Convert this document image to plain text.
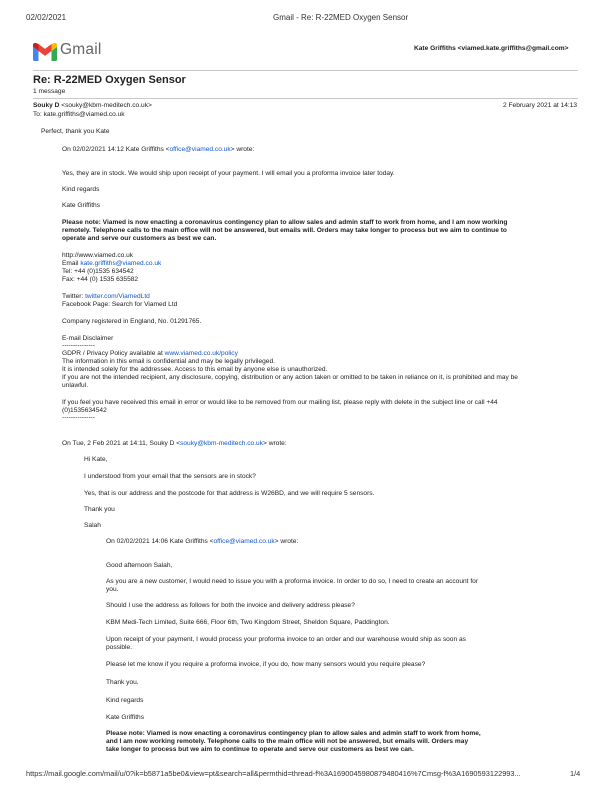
02/02/2021	Gmail - Re: R-22MED Oxygen Sensor
Gmail	Kate Griffiths <viamed.kate.griffiths@gmail.com>
Re: R-22MED Oxygen Sensor
1 message
Souky D <souky@kbm-meditech.co.uk>	2 February 2021 at 14:13
To: kate.griffiths@viamed.co.uk
Perfect, thank you Kate
On 02/02/2021 14:12 Kate Griffiths <office@viamed.co.uk> wrote:
Yes, they are in stock. We would ship upon receipt of your payment. I will email you a proforma invoice later today.
Kind regards
Kate Griffiths
Please note: Viamed is now enacting a coronavirus contingency plan to allow sales and admin staff to work from home, and I am now working
remotely. Telephone calls to the main office will not be answered, but emails will. Orders may take longer to process but we aim to continue to
operate and serve our customers as best we can.
http://www.viamed.co.uk
Email kate.griffiths@viamed.co.uk
Tel: +44 (0)1535 634542
Fax: +44 (0) 1535 635582
Twitter: twitter.com/ViamedLtd
Facebook Page: Search for Viamed Ltd
Company registered in England, No. 01291765.
E-mail Disclaimer
---------------
GDPR / Privacy Policy available at www.viamed.co.uk/policy
The information in this email is confidential and may be legally privileged.
It is intended solely for the addressee. Access to this email by anyone else is unauthorized.
If you are not the intended recipient, any disclosure, copying, distribution or any action taken or omitted to be taken in reliance on it, is prohibited and may be
unlawful.
If you feel you have received this email in error or would like to be removed from our mailing list, please reply with delete in the subject line or call +44
(0)1535634542
---------------
On Tue, 2 Feb 2021 at 14:11, Souky D <souky@kbm-meditech.co.uk> wrote:
Hi Kate,
I understood from your email that the sensors are in stock?
Yes, that is our address and the postcode for that address is W26BD, and we will require 5 sensors.
Thank you
Salah
On 02/02/2021 14:06 Kate Griffiths <office@viamed.co.uk> wrote:
Good afternoon Salah,
As you are a new customer, I would need to issue you with a proforma invoice. In order to do so, I need to create an account for
you.
Should I use the address as follows for both the invoice and delivery address please?
KBM Medi-Tech Limited, Suite 666, Floor 6th, Two Kingdom Street, Sheldon Square, Paddington.
Upon receipt of your payment, I would process your proforma invoice to an order and our warehouse would ship as soon as
possible.
Please let me know if you require a proforma invoice, if you do, how many sensors would you require please?
Thank you.
Kind regards
Kate Griffiths
Please note: Viamed is now enacting a coronavirus contingency plan to allow sales and admin staff to work from home,
and I am now working remotely. Telephone calls to the main office will not be answered, but emails will. Orders may
take longer to process but we aim to continue to operate and serve our customers as best we can.
https://mail.google.com/mail/u/0?ik=b5871a5be0&view=pt&search=all&permthid=thread-f%3A1690045980879480416%7Cmsg-f%3A1690593122993...	1/4
